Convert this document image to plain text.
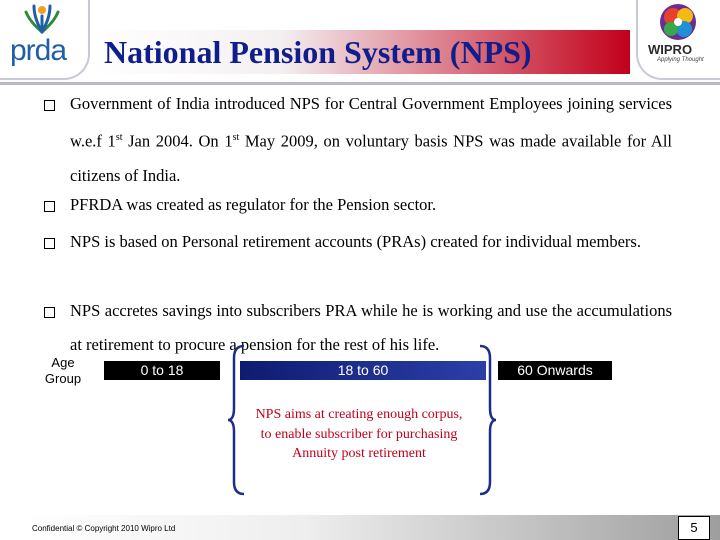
prda National Pension System (NPS)	WIPRO
Applying Thought
Government of India introduced NPS for Central Government Employees joining services w.e.f 1st Jan 2004. On 1st May 2009, on voluntary basis NPS was made available for All citizens of India.
PFRDA was created as regulator for the Pension sector.
NPS is based on Personal retirement accounts (PRAs) created for individual members.
NPS accretes savings into subscribers PRA while he is working and use the accumulations at retirement to procure a pension for the rest of his life.
Age Group
0 to 18	18 to 60	60 Onwards
NPS aims at creating enough corpus, to enable subscriber for purchasing Annuity post retirement
Confidential © Copyright 2010 Wipro Ltd	5
